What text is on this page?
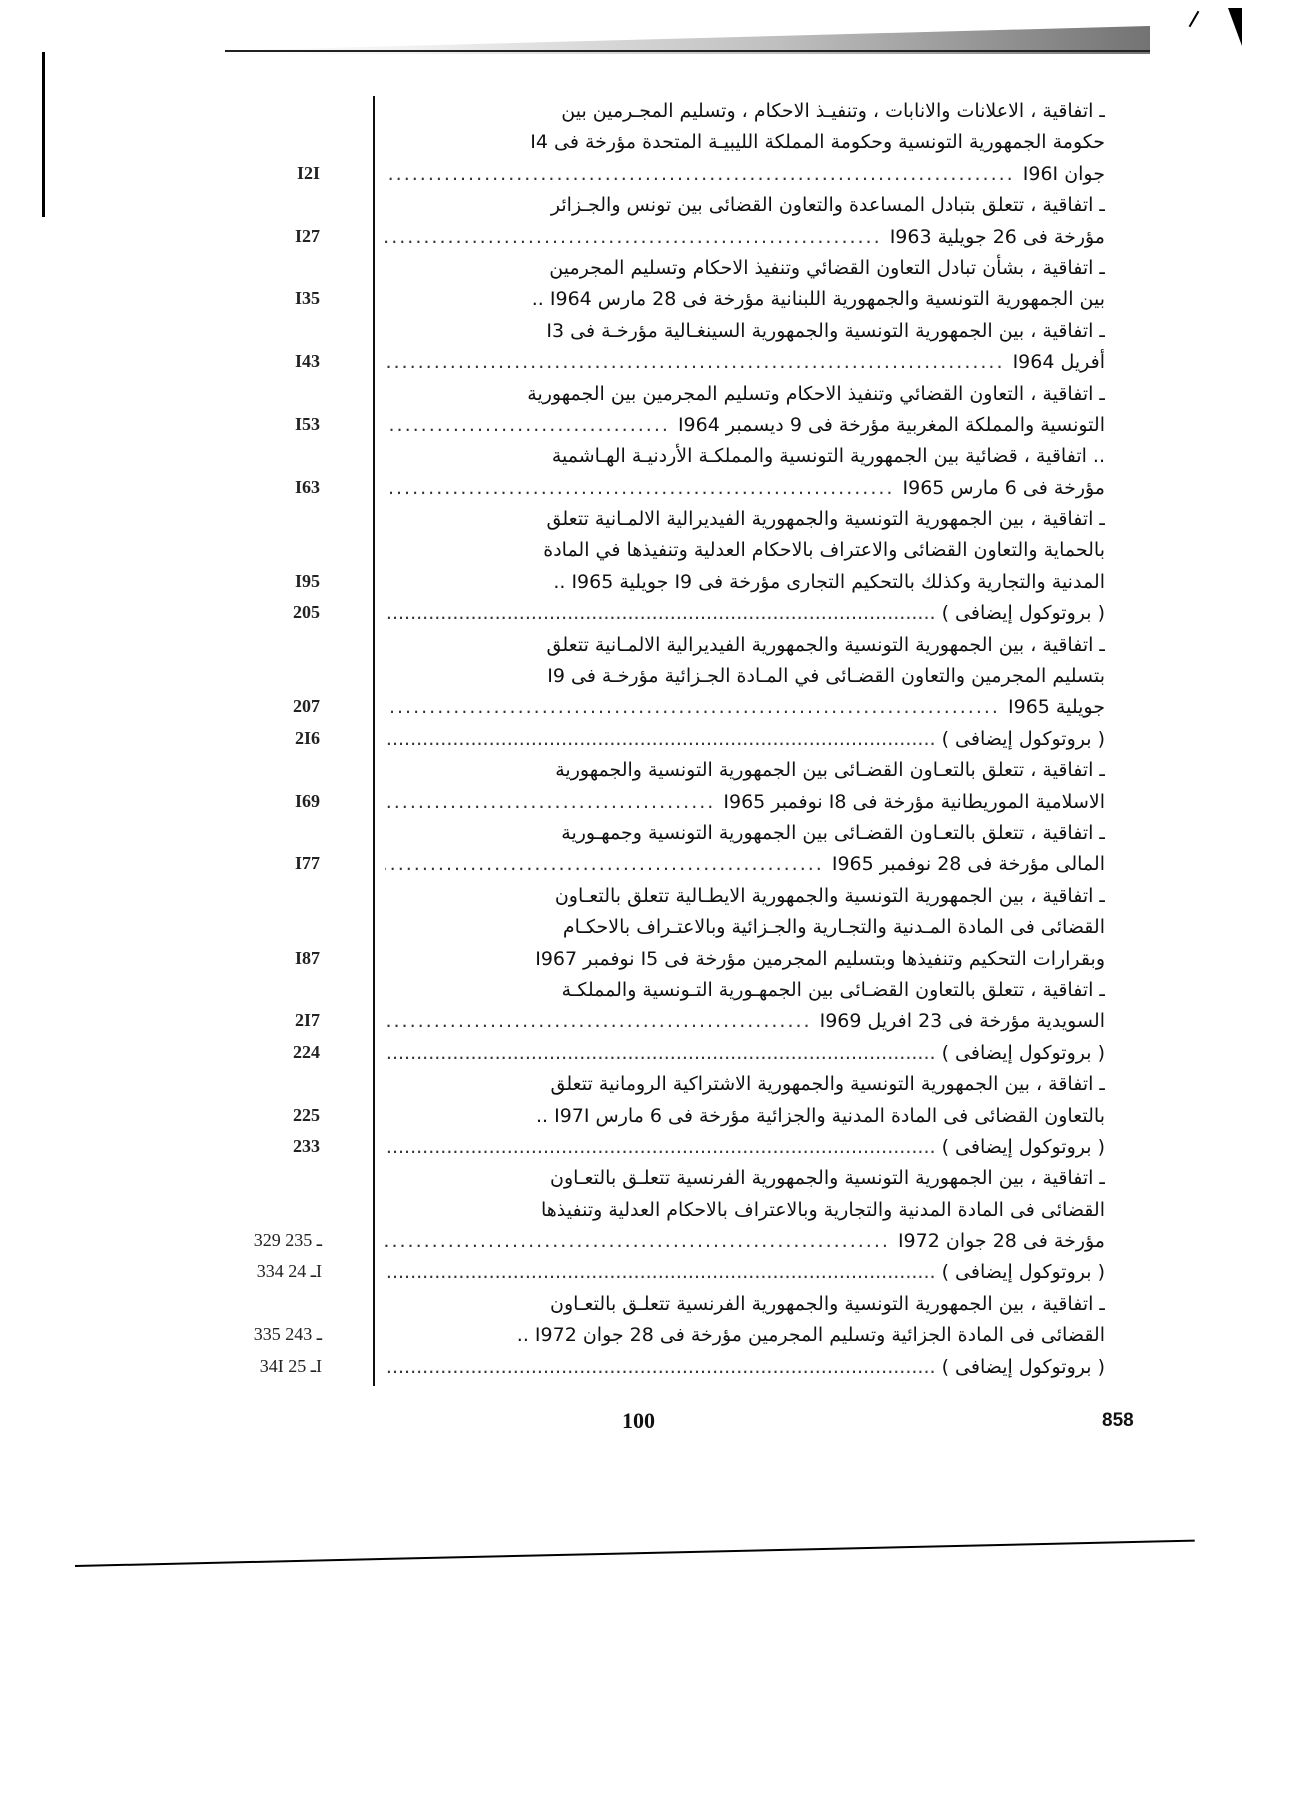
ـ اتفاقية ، الاعلانات والانابات ، وتنفيـذ الاحكام ، وتسليم المجـرمين بين
حكومة الجمهورية التونسية وحكومة المملكة الليبيـة المتحدة مؤرخة فى I4
I2I	جوان I96I .....
ـ اتفاقية ، تتعلق بتبادل المساعدة والتعاون القضائى بين تونس والجـزائر
I27	مؤرخة فى 26 جويلية I963 .....
ـ اتفاقية ، بشأن تبادل التعاون القضائي وتنفيذ الاحكام وتسليم المجرمين
I35	بين الجمهورية التونسية والجمهورية اللبنانية مؤرخة فى 28 مارس I964 ..
ـ اتفاقية ، بين الجمهورية التونسية والجمهورية السينغـالية مؤرخـة فى I3
I43	أفريل I964 .....
ـ اتفاقية ، التعاون القضائي وتنفيذ الاحكام وتسليم المجرمين بين الجمهورية
I53	التونسية والمملكة المغربية مؤرخة فى 9 ديسمبر I964 .....
.. اتفاقية ، قضائية بين الجمهورية التونسية والمملكـة الأردنيـة الهـاشمية
I63	مؤرخة فى 6 مارس I965 .....
ـ اتفاقية ، بين الجمهورية التونسية والجمهورية الفيديرالية الالمـانية تتعلق
بالحماية والتعاون القضائى والاعتراف بالاحكام العدلية وتنفيذها في المادة
I95	المدنية والتجارية وكذلك بالتحكيم التجارى مؤرخة فى I9 جويلية I965 ..
205	( بروتوكول إيضافى ) .....
ـ اتفاقية ، بين الجمهورية التونسية والجمهورية الفيديرالية الالمـانية تتعلق
بتسليم المجرمين والتعاون القضـائى في المـادة الجـزائية مؤرخـة فى I9
207	جويلية I965 .....
2I6	( بروتوكول إيضافى ) .....
ـ اتفاقية ، تتعلق بالتعـاون القضـائى بين الجمهورية التونسية والجمهورية
I69	الاسلامية الموريطانية مؤرخة فى I8 نوفمبر I965 .....
ـ اتفاقية ، تتعلق بالتعـاون القضـائى بين الجمهورية التونسية وجمهـورية
I77	المالى مؤرخة فى 28 نوفمبر I965 .....
ـ اتفاقية ، بين الجمهورية التونسية والجمهورية الايطـالية تتعلق بالتعـاون
القضائى فى المادة المـدنية والتجـارية والجـزائية وبالاعتـراف بالاحكـام
I87	وبقرارات التحكيم وتنفيذها وبتسليم المجرمين مؤرخة فى I5 نوفمبر I967
ـ اتفاقية ، تتعلق بالتعاون القضـائى بين الجمهـورية التـونسية والمملكـة
2I7	السويدية مؤرخة فى 23 افريل I969 .....
224	( بروتوكول إيضافى ) .....
ـ اتفاقة ، بين الجمهورية التونسية والجمهورية الاشتراكية الرومانية تتعلق
225	بالتعاون القضائى فى المادة المدنية والجزائية مؤرخة فى 6 مارس I97I ..
233	( بروتوكول إيضافى ) .....
ـ اتفاقية ، بين الجمهورية التونسية والجمهورية الفرنسية تتعلـق بالتعـاون
القضائى فى المادة المدنية والتجارية وبالاعتراف بالاحكام العدلية وتنفيذها
329 ـ 235	مؤرخة فى 28 جوان I972 .....
334 ـ 24I	( بروتوكول إيضافى ) .....
ـ اتفاقية ، بين الجمهورية التونسية والجمهورية الفرنسية تتعلـق بالتعـاون
335 ـ 243	القضائى فى المادة الجزائية وتسليم المجرمين مؤرخة فى 28 جوان I972 ..
34I ـ 25I	( بروتوكول إيضافى ) .....
100	858
